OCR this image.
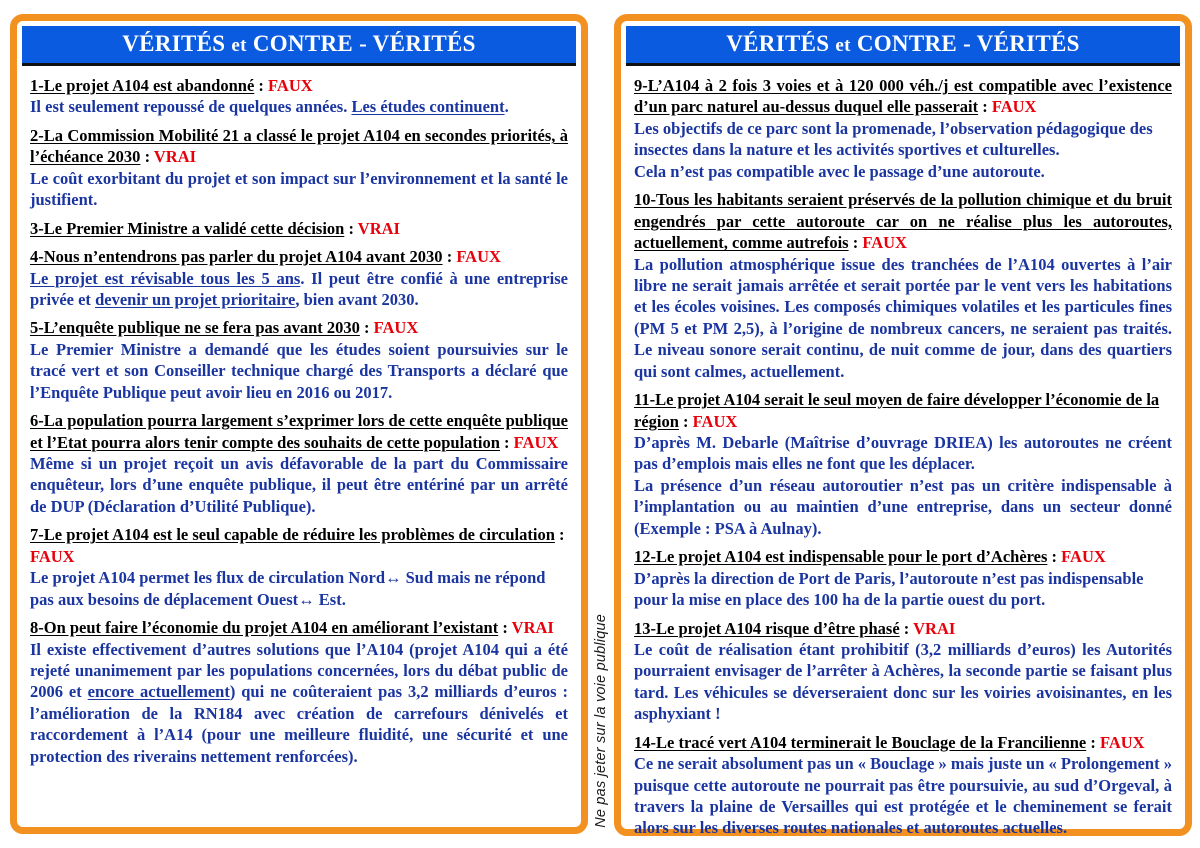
VÉRITÉS et CONTRE - VÉRITÉS

1-Le projet A104 est abandonné : FAUX

Il est seulement repoussé de quelques années. Les études continuent.

2-La Commission Mobilité 21 a classé le projet A104 en secondes priorités, à l’échéance 2030 : VRAI

Le coût exorbitant du projet et son impact sur l’environnement et la santé le justifient.

3-Le Premier Ministre a validé cette décision : VRAI

4-Nous n’entendrons pas parler du projet A104 avant 2030 : FAUX

Le projet est révisable tous les 5 ans. Il peut être confié à une entreprise privée et devenir un projet prioritaire, bien avant 2030.

5-L’enquête publique ne se fera pas avant 2030 : FAUX

Le Premier Ministre a demandé que les études soient poursuivies sur le tracé vert et son Conseiller technique chargé des Transports a déclaré que l’Enquête Publique peut avoir lieu en 2016 ou 2017.

6-La population pourra largement s’exprimer lors de cette enquête publique et l’Etat pourra alors tenir compte des souhaits de cette population : FAUX

Même si un projet reçoit un avis défavorable de la part du Commissaire enquêteur, lors d’une enquête publique, il peut être entériné par un arrêté de DUP (Déclaration d’Utilité Publique).

7-Le projet A104 est le seul capable de réduire les problèmes de circulation : FAUX

Le projet A104 permet les flux de circulation Nord↔ Sud mais ne répond pas aux besoins de déplacement Ouest↔ Est.

8-On peut faire l’économie du projet A104 en améliorant l’existant : VRAI

Il existe effectivement d’autres solutions que l’A104 (projet A104 qui a été rejeté unanimement par les populations concernées, lors du débat public de 2006 et encore actuellement) qui ne coûteraient pas 3,2 milliards d’euros : l’amélioration de la RN184 avec création de carrefours dénivelés et raccordement à l’A14 (pour une meilleure fluidité, une sécurité et une protection des riverains nettement renforcées).	Ne pas jeter sur la voie publique
VÉRITÉS et CONTRE - VÉRITÉS

9-L’A104 à 2 fois 3 voies et à 120 000 véh./j est compatible avec l’existence d’un parc naturel au-dessus duquel elle passerait : FAUX

Les objectifs de ce parc sont la promenade, l’observation pédagogique des insectes dans la nature et les activités sportives et culturelles.
Cela n’est pas compatible avec le passage d’une autoroute.

10-Tous les habitants seraient préservés de la pollution chimique et du bruit engendrés par cette autoroute car on ne réalise plus les autoroutes, actuellement, comme autrefois : FAUX

La pollution atmosphérique issue des tranchées de l’A104 ouvertes à l’air libre ne serait jamais arrêtée et serait portée par le vent vers les habitations et les écoles voisines. Les composés chimiques volatiles et les particules fines (PM 5 et PM 2,5), à l’origine de nombreux cancers, ne seraient pas traités. Le niveau sonore serait continu, de nuit comme de jour, dans des quartiers qui sont calmes, actuellement.

11-Le projet A104 serait le seul moyen de faire développer l’économie de la région : FAUX

D’après M. Debarle (Maîtrise d’ouvrage DRIEA) les autoroutes ne créent pas d’emplois mais elles ne font que les déplacer.
La présence d’un réseau autoroutier n’est pas un critère indispensable à l’implantation ou au maintien d’une entreprise, dans un secteur donné (Exemple : PSA à Aulnay).

12-Le projet A104 est indispensable pour le port d’Achères : FAUX

D’après la direction de Port de Paris, l’autoroute n’est pas indispensable pour la mise en place des 100 ha de la partie ouest du port.

13-Le projet A104 risque d’être phasé : VRAI

Le coût de réalisation étant prohibitif (3,2 milliards d’euros) les Autorités pourraient envisager de l’arrêter à Achères, la seconde partie se faisant plus tard. Les véhicules se déverseraient donc sur les voiries avoisinantes, en les asphyxiant !

14-Le tracé vert A104 terminerait le Bouclage de la Francilienne : FAUX

Ce ne serait absolument pas un « Bouclage » mais juste un « Prolongement » puisque cette autoroute ne pourrait pas être poursuivie, au sud d’Orgeval, à travers la plaine de Versailles qui est protégée et le cheminement se ferait alors sur les diverses routes nationales et autoroutes actuelles.
